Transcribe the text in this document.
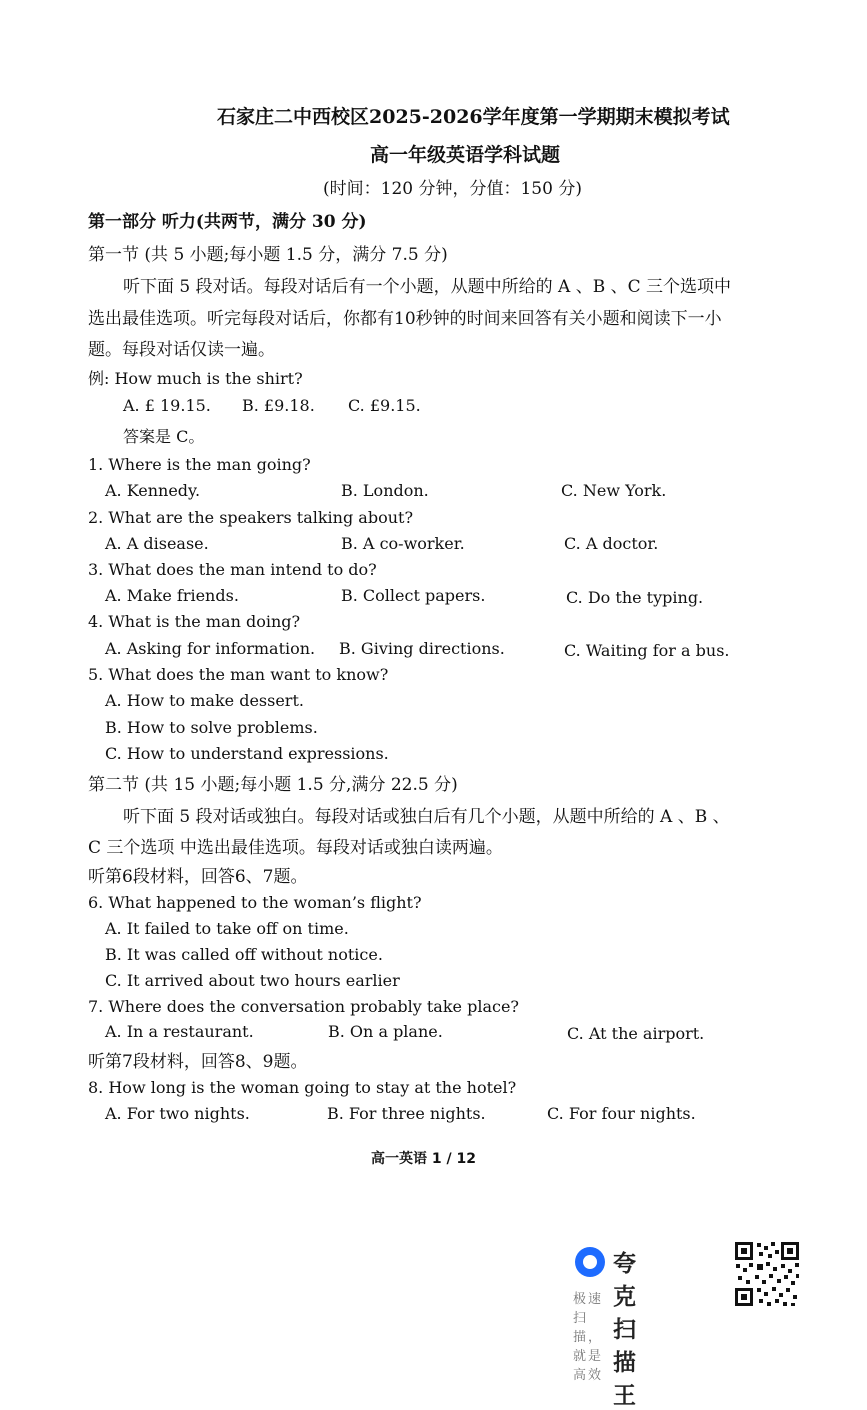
石家庄二中西校区2025-2026学年度第一学期期末模拟考试
高一年级英语学科试题
(时间：120 分钟，分值：150 分)
第一部分 听力(共两节，满分 30 分)
第一节 (共 5 小题;每小题 1.5 分，满分 7.5 分)
听下面 5 段对话。每段对话后有一个小题，从题中所给的 A 、B 、C 三个选项中
选出最佳选项。听完每段对话后，你都有10秒钟的时间来回答有关小题和阅读下一小
题。每段对话仅读一遍。
例: How much is the shirt?
A. £ 19.15. B. £9.18. C. £9.15.
答案是 C。
1. Where is the man going?
A. Kennedy.	B. London.	C. New York.
2. What are the speakers talking about?
A. A disease.	B. A co-worker.	C. A doctor.
3. What does the man intend to do?
A. Make friends.	B. Collect papers.	C. Do the typing.
4. What is the man doing?
A. Asking for information. B. Giving directions.	C. Waiting for a bus.
5. What does the man want to know?
A. How to make dessert.
B. How to solve problems.
C. How to understand expressions.
第二节 (共 15 小题;每小题 1.5 分,满分 22.5 分)
听下面 5 段对话或独白。每段对话或独白后有几个小题，从题中所给的 A 、B 、
C 三个选项 中选出最佳选项。每段对话或独白读两遍。
听第6段材料，回答6、7题。
6. What happened to the woman’s flight?
A. It failed to take off on time.
B. It was called off without notice.
C. It arrived about two hours earlier
7. Where does the conversation probably take place?
A. In a restaurant.	B. On a plane.	C. At the airport.
听第7段材料，回答8、9题。
8. How long is the woman going to stay at the hotel?
A. For two nights.	B. For three nights.	C. For four nights.
高一英语 1 / 12
夸克扫描王
极速扫描，就是高效
